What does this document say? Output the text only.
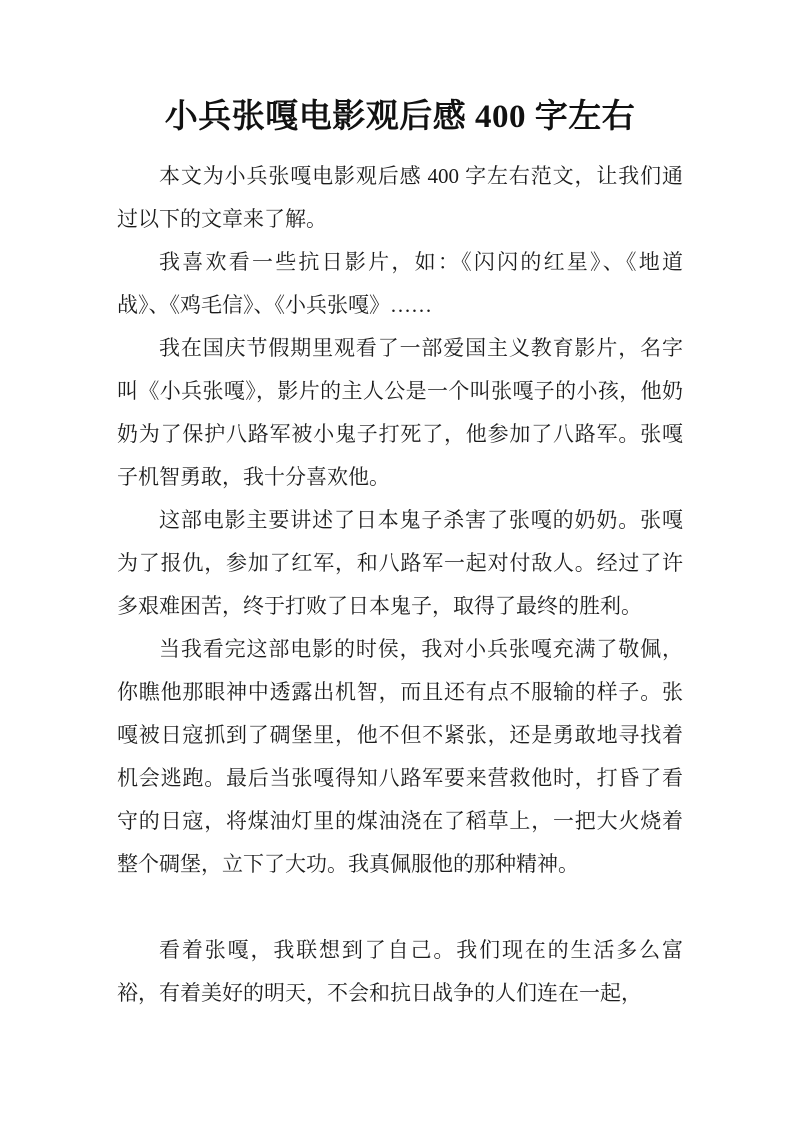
小兵张嘎电影观后感 400 字左右

本文为小兵张嘎电影观后感 400 字左右范文，让我们通过以下的文章来了解。

我喜欢看一些抗日影片，如：《闪闪的红星》、《地道战》、《鸡毛信》、《小兵张嘎》……

我在国庆节假期里观看了一部爱国主义教育影片，名字叫《小兵张嘎》，影片的主人公是一个叫张嘎子的小孩，他奶奶为了保护八路军被小鬼子打死了，他参加了八路军。张嘎子机智勇敢，我十分喜欢他。

这部电影主要讲述了日本鬼子杀害了张嘎的奶奶。张嘎为了报仇，参加了红军，和八路军一起对付敌人。经过了许多艰难困苦，终于打败了日本鬼子，取得了最终的胜利。

当我看完这部电影的时侯，我对小兵张嘎充满了敬佩，你瞧他那眼神中透露出机智，而且还有点不服输的样子。张嘎被日寇抓到了碉堡里，他不但不紧张，还是勇敢地寻找着机会逃跑。最后当张嘎得知八路军要来营救他时，打昏了看守的日寇，将煤油灯里的煤油浇在了稻草上，一把大火烧着整个碉堡，立下了大功。我真佩服他的那种精神。

看着张嘎，我联想到了自己。我们现在的生活多么富裕，有着美好的明天，不会和抗日战争的人们连在一起，
